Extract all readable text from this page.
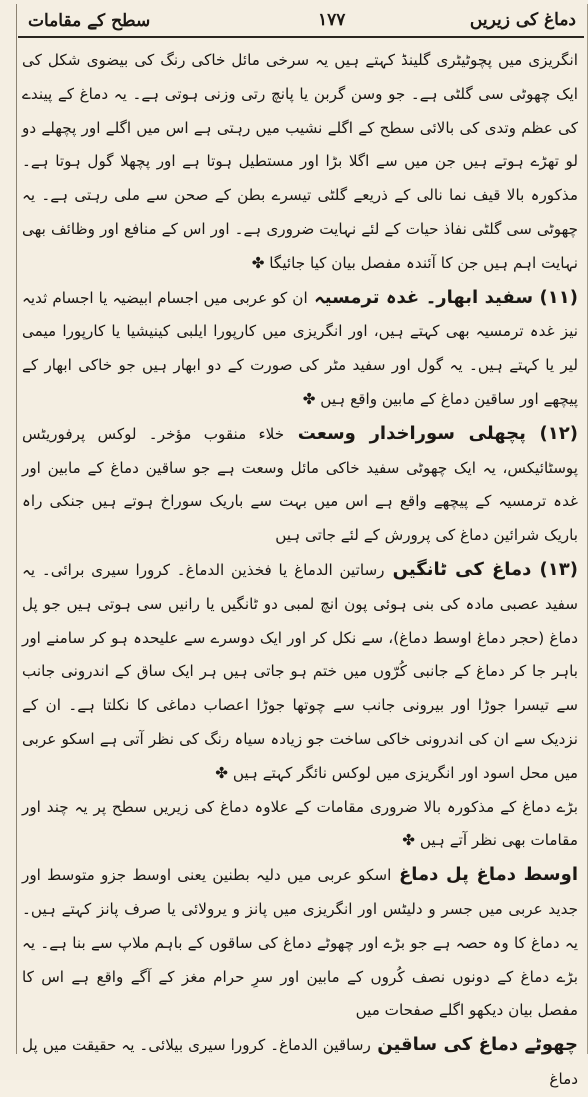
دماغ کی زیریں
۱۷۷
سطح کے مقامات

انگریزی میں پچوٹیٹری گلینڈ کہتے ہیں یہ سرخی مائل خاکی رنگ کی بیضوی شکل کی ایک چھوٹی سی گلٹی ہے۔ جو وسن گربن یا پانچ رتی وزنی ہوتی ہے۔ یہ دماغ کے پیندے کی عظم وتدی کی بالائی سطح کے اگلے نشیب میں رہتی ہے اس میں اگلے اور پچھلے دو لو تھڑے ہوتے ہیں جن میں سے اگلا بڑا اور مستطیل ہوتا ہے اور پچھلا گول ہوتا ہے۔ مذکورہ بالا قیف نما نالی کے ذریعے گلٹی تیسرے بطن کے صحن سے ملی رہتی ہے۔ یہ چھوٹی سی گلٹی نفاذ حیات کے لئے نہایت ضروری ہے۔ اور اس کے منافع اور وظائف بھی نہایت اہم ہیں جن کا آئندہ مفصل بیان کیا جائیگا ✤

(۱۱) سفید ابھار۔ غدہ ترمسیہ ان کو عربی میں اجسام ابیضیہ یا اجسام ثدیہ نیز غدہ ترمسیہ بھی کہتے ہیں، اور انگریزی میں کارپورا ایلبی کینیشیا یا کارپورا میمی لیر یا کہتے ہیں۔ یہ گول اور سفید مٹر کی صورت کے دو ابھار ہیں جو خاکی ابھار کے پیچھے اور ساقین دماغ کے مابین واقع ہیں ✤

(۱۲) پچھلی سوراخدار وسعت خلاء منقوب مؤخر۔ لوکس پرفوریٹس پوسٹائیکس، یہ ایک چھوٹی سفید خاکی مائل وسعت ہے جو ساقین دماغ کے مابین اور غدہ ترمسیہ کے پیچھے واقع ہے اس میں بہت سے باریک سوراخ ہوتے ہیں جنکی راہ باریک شرائین دماغ کی پرورش کے لئے جاتی ہیں

(۱۳) دماغ کی ٹانگیں رساتین الدماغ یا فخذین الدماغ۔ کرورا سیری برائی۔ یہ سفید عصبی مادہ کی بنی ہوئی پون انچ لمبی دو ٹانگیں یا رانیں سی ہوتی ہیں جو پل دماغ (حجر دماغ اوسط دماغ)، سے نکل کر اور ایک دوسرے سے علیحدہ ہو کر سامنے اور باہر جا کر دماغ کے جانبی کُرّوں میں ختم ہو جاتی ہیں ہر ایک ساق کے اندرونی جانب سے تیسرا جوڑا اور بیرونی جانب سے چوتھا جوڑا اعصاب دماغی کا نکلتا ہے۔ ان کے نزدیک سے ان کی اندرونی خاکی ساخت جو زیادہ سیاہ رنگ کی نظر آتی ہے اسکو عربی میں محل اسود اور انگریزی میں لوکس نائگر کہتے ہیں ✤

بڑے دماغ کے مذکورہ بالا ضروری مقامات کے علاوہ دماغ کی زیریں سطح پر یہ چند اور مقامات بھی نظر آتے ہیں ✤

اوسط دماغ پل دماغ اسکو عربی میں دلیہ بطنین یعنی اوسط جزو متوسط اور جدید عربی میں جسر و دلیٹس اور انگریزی میں پانز و یرولائی یا صرف پانز کہتے ہیں۔ یہ دماغ کا وہ حصہ ہے جو بڑے اور چھوٹے دماغ کی ساقوں کے باہم ملاپ سے بنا ہے۔ یہ بڑے دماغ کے دونوں نصف کُروں کے مابین اور سرِ حرام مغز کے آگے واقع ہے اس کا مفصل بیان دیکھو اگلے صفحات میں

چھوٹے دماغ کی ساقین رساقین الدماغ۔ کرورا سیری بیلائی۔ یہ حقیقت میں پل دماغ
